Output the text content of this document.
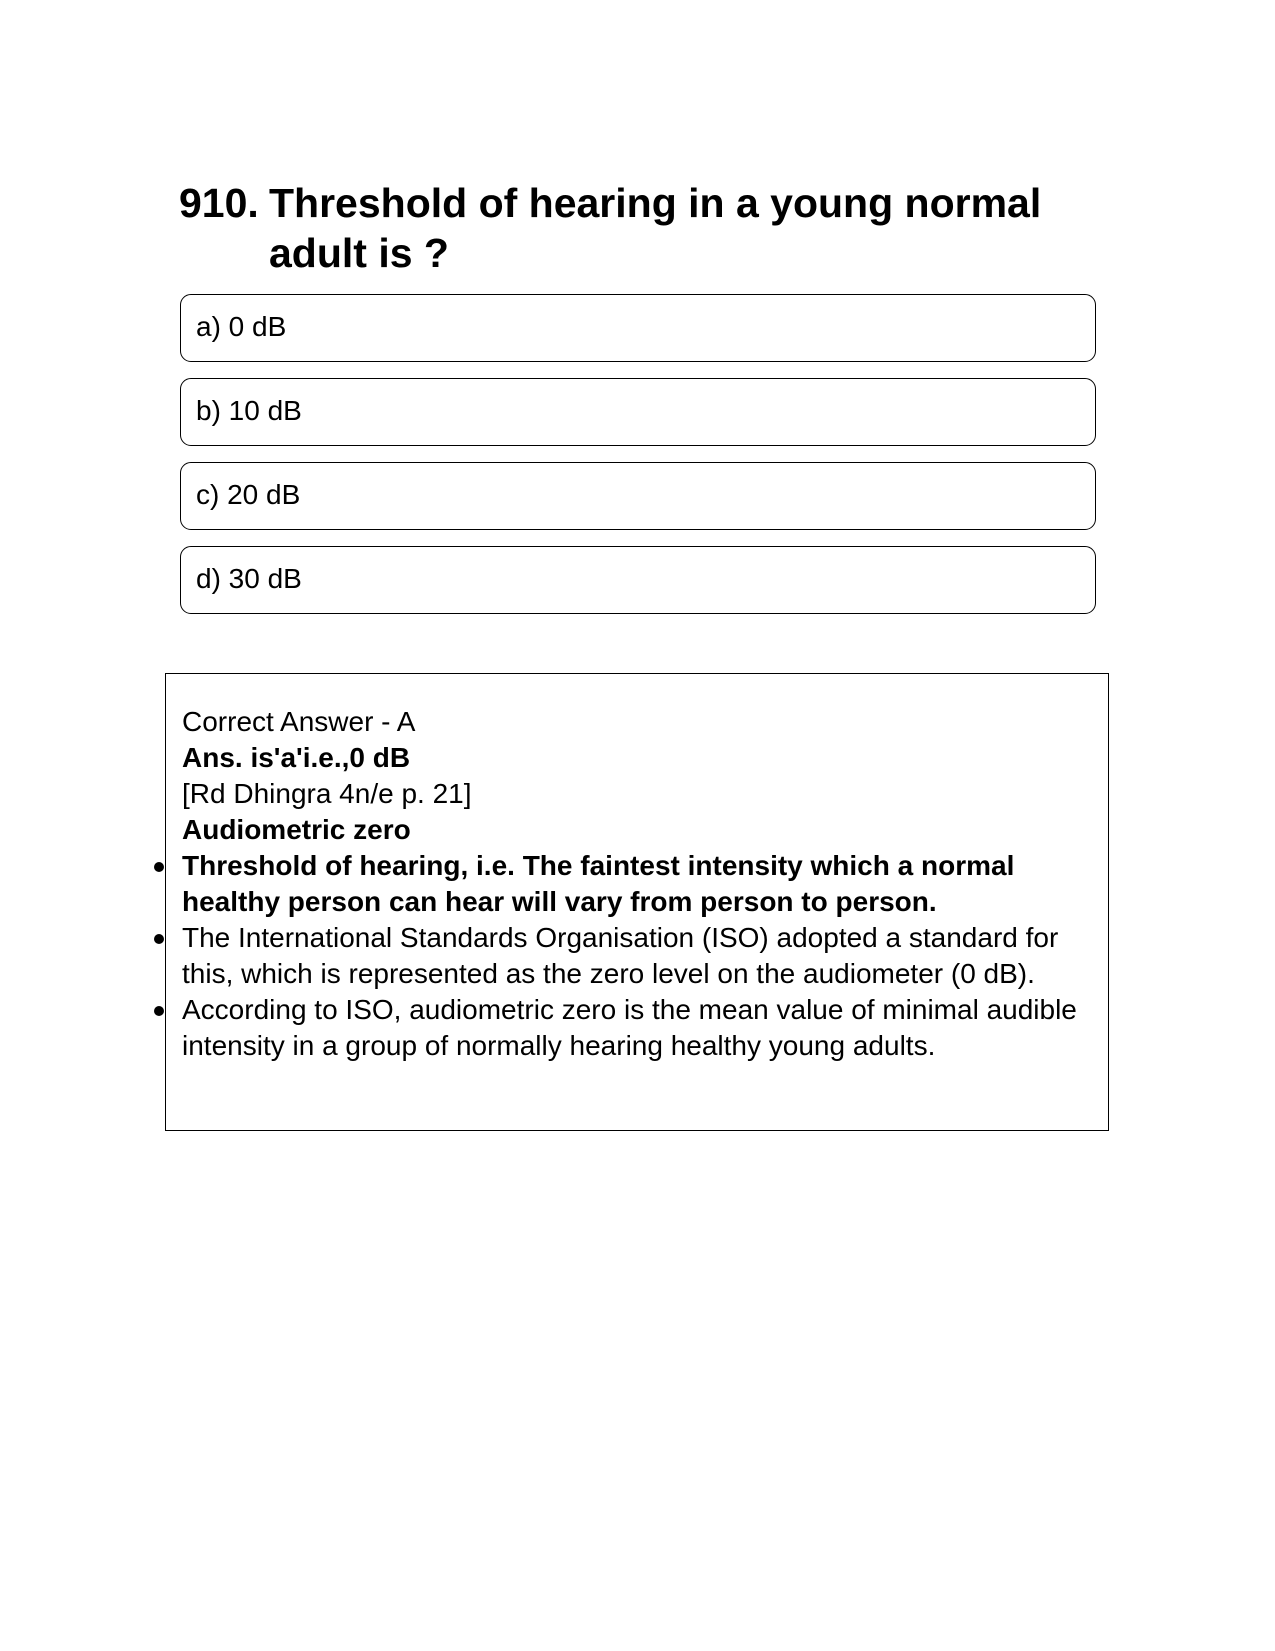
910. Threshold of hearing in a young normal adult is ?
a) 0 dB
b) 10 dB
c) 20 dB
d) 30 dB
Correct Answer - A
Ans. is'a'i.e.,0 dB
[Rd Dhingra 4n/e p. 21]
Audiometric zero
Threshold of hearing, i.e. The faintest intensity which a normal healthy person can hear will vary from person to person.
The International Standards Organisation (ISO) adopted a standard for this, which is represented as the zero level on the audiometer (0 dB).
According to ISO, audiometric zero is the mean value of minimal audible intensity in a group of normally hearing healthy young adults.
